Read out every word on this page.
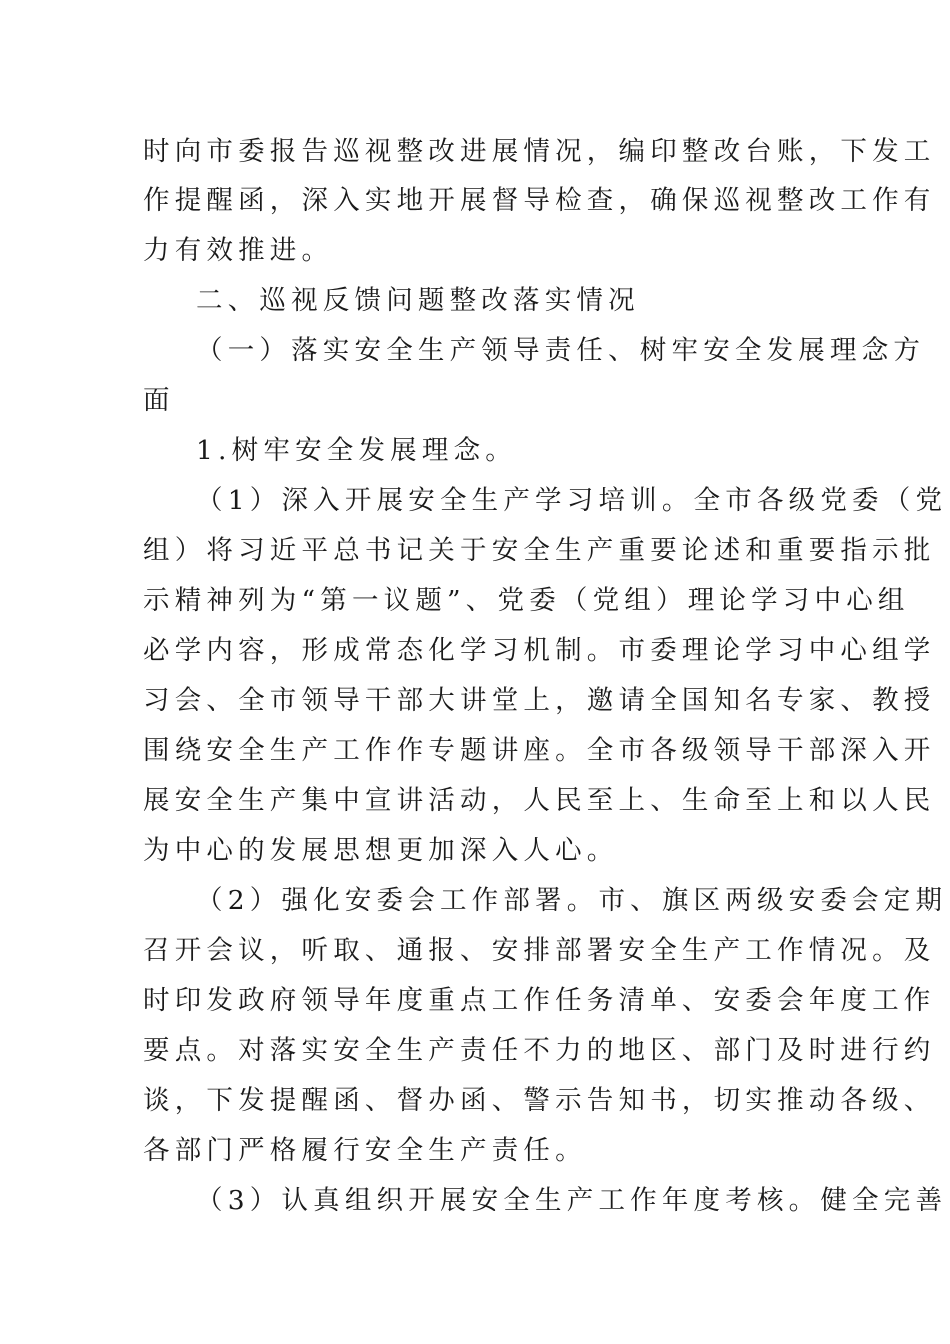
时向市委报告巡视整改进展情况，编印整改台账，下发工
作提醒函，深入实地开展督导检查，确保巡视整改工作有
力有效推进。
二、巡视反馈问题整改落实情况
（一）落实安全生产领导责任、树牢安全发展理念方
面
1.树牢安全发展理念。
（1）深入开展安全生产学习培训。全市各级党委（党
组）将习近平总书记关于安全生产重要论述和重要指示批
示精神列为“第一议题”、党委（党组）理论学习中心组
必学内容，形成常态化学习机制。市委理论学习中心组学
习会、全市领导干部大讲堂上，邀请全国知名专家、教授
围绕安全生产工作作专题讲座。全市各级领导干部深入开
展安全生产集中宣讲活动，人民至上、生命至上和以人民
为中心的发展思想更加深入人心。
（2）强化安委会工作部署。市、旗区两级安委会定期
召开会议，听取、通报、安排部署安全生产工作情况。及
时印发政府领导年度重点工作任务清单、安委会年度工作
要点。对落实安全生产责任不力的地区、部门及时进行约
谈，下发提醒函、督办函、警示告知书，切实推动各级、
各部门严格履行安全生产责任。
（3）认真组织开展安全生产工作年度考核。健全完善
